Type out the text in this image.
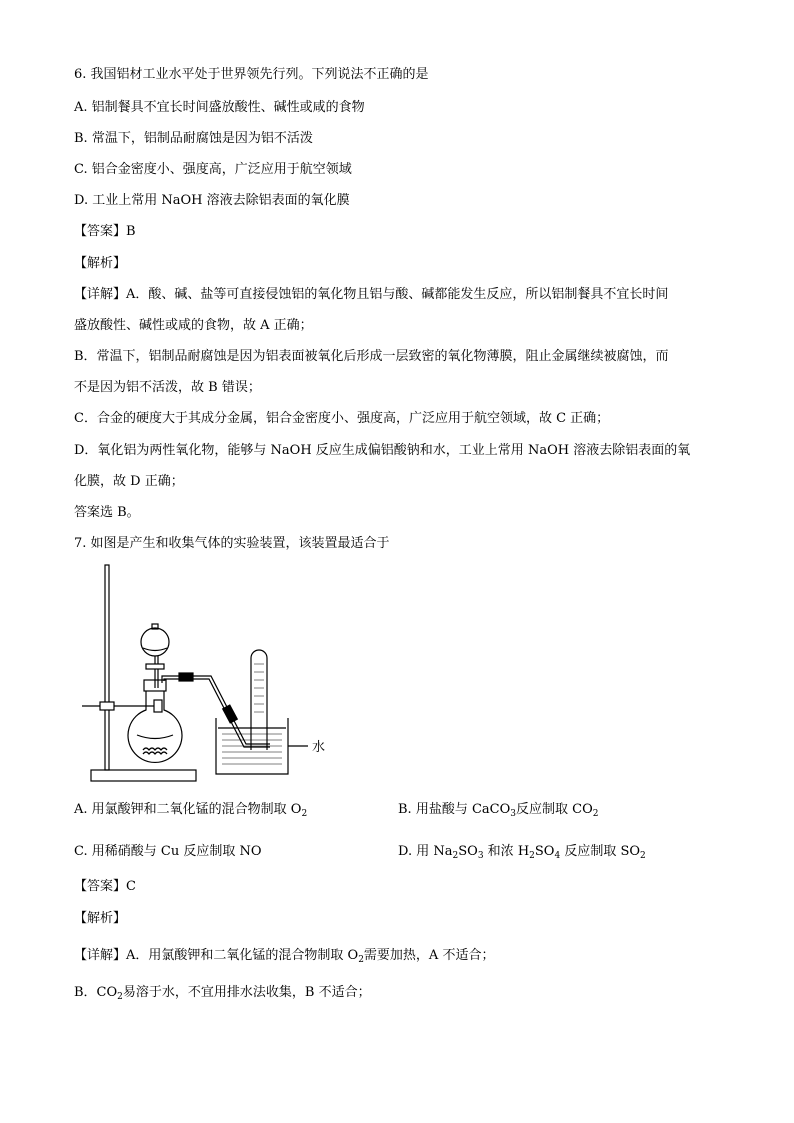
6. 我国铝材工业水平处于世界领先行列。下列说法不正确的是
A. 铝制餐具不宜长时间盛放酸性、碱性或咸的食物
B. 常温下，铝制品耐腐蚀是因为铝不活泼
C. 铝合金密度小、强度高，广泛应用于航空领域
D. 工业上常用 NaOH 溶液去除铝表面的氧化膜
【答案】B
【解析】
【详解】A．酸、碱、盐等可直接侵蚀铝的氧化物且铝与酸、碱都能发生反应，所以铝制餐具不宜长时间
盛放酸性、碱性或咸的食物，故 A 正确；
B．常温下，铝制品耐腐蚀是因为铝表面被氧化后形成一层致密的氧化物薄膜，阻止金属继续被腐蚀，而
不是因为铝不活泼，故 B 错误；
C．合金的硬度大于其成分金属，铝合金密度小、强度高，广泛应用于航空领域，故 C 正确；
D．氧化铝为两性氧化物，能够与 NaOH 反应生成偏铝酸钠和水，工业上常用 NaOH 溶液去除铝表面的氧
化膜，故 D 正确；
答案选 B。
7. 如图是产生和收集气体的实验装置，该装置最适合于
水
A. 用氯酸钾和二氧化锰的混合物制取 $O_2$	B. 用盐酸与 CaCO$_3$反应制取 $CO_2$
C. 用稀硝酸与 Cu 反应制取 NO	D. 用 $Na_2SO_3$ 和浓 $H_2SO_4$ 反应制取 $SO_2$
【答案】C
【解析】
【详解】A．用氯酸钾和二氧化锰的混合物制取 $O_2$需要加热，A 不适合；
B．$CO_2$易溶于水，不宜用排水法收集，B 不适合；
